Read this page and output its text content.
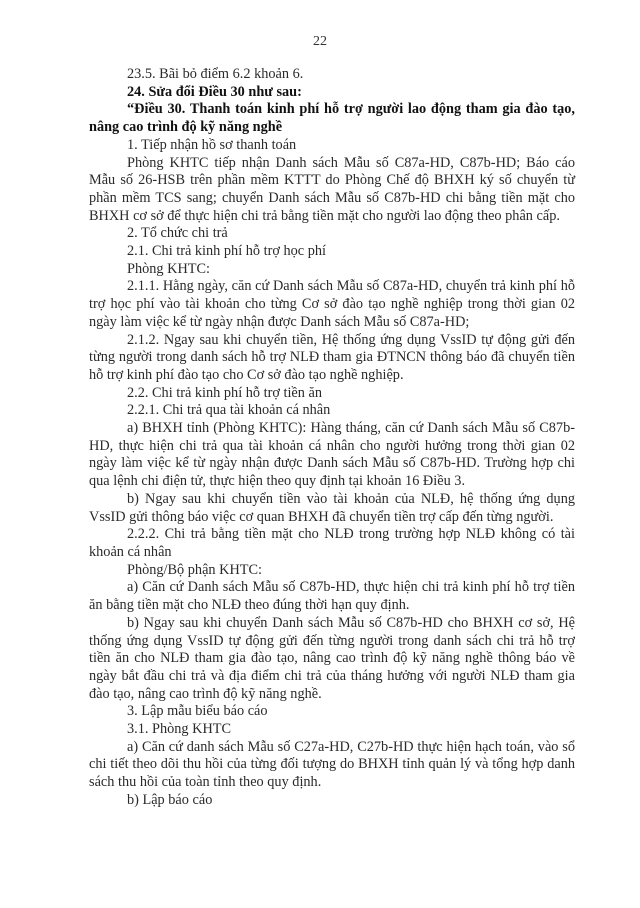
22

23.5. Bãi bỏ điểm 6.2 khoản 6.

24. Sửa đổi Điều 30 như sau:

“Điều 30. Thanh toán kinh phí hỗ trợ người lao động tham gia đào tạo, nâng cao trình độ kỹ năng nghề

1. Tiếp nhận hồ sơ thanh toán

Phòng KHTC tiếp nhận Danh sách Mẫu số C87a-HD, C87b-HD; Báo cáo Mẫu số 26-HSB trên phần mềm KTTT do Phòng Chế độ BHXH ký số chuyển từ phần mềm TCS sang; chuyển Danh sách Mẫu số C87b-HD chi bằng tiền mặt cho BHXH cơ sở để thực hiện chi trả bằng tiền mặt cho người lao động theo phân cấp.

2. Tổ chức chi trả

2.1. Chi trả kinh phí hỗ trợ học phí

Phòng KHTC:

2.1.1. Hằng ngày, căn cứ Danh sách Mẫu số C87a-HD, chuyển trả kinh phí hỗ trợ học phí vào tài khoản cho từng Cơ sở đào tạo nghề nghiệp trong thời gian 02 ngày làm việc kể từ ngày nhận được Danh sách Mẫu số C87a-HD;

2.1.2. Ngay sau khi chuyển tiền, Hệ thống ứng dụng VssID tự động gửi đến từng người trong danh sách hỗ trợ NLĐ tham gia ĐTNCN thông báo đã chuyển tiền hỗ trợ kinh phí đào tạo cho Cơ sở đào tạo nghề nghiệp.

2.2. Chi trả kinh phí hỗ trợ tiền ăn

2.2.1. Chi trả qua tài khoản cá nhân

a) BHXH tỉnh (Phòng KHTC): Hàng tháng, căn cứ Danh sách Mẫu số C87b-HD, thực hiện chi trả qua tài khoản cá nhân cho người hưởng trong thời gian 02 ngày làm việc kể từ ngày nhận được Danh sách Mẫu số C87b-HD. Trường hợp chi qua lệnh chi điện tử, thực hiện theo quy định tại khoản 16 Điều 3.

b) Ngay sau khi chuyển tiền vào tài khoản của NLĐ, hệ thống ứng dụng VssID gửi thông báo việc cơ quan BHXH đã chuyển tiền trợ cấp đến từng người.

2.2.2. Chi trả bằng tiền mặt cho NLĐ trong trường hợp NLĐ không có tài khoản cá nhân

Phòng/Bộ phận KHTC:

a) Căn cứ Danh sách Mẫu số C87b-HD, thực hiện chi trả kinh phí hỗ trợ tiền ăn bằng tiền mặt cho NLĐ theo đúng thời hạn quy định.

b) Ngay sau khi chuyển Danh sách Mẫu số C87b-HD cho BHXH cơ sở, Hệ thống ứng dụng VssID tự động gửi đến từng người trong danh sách chi trả hỗ trợ tiền ăn cho NLĐ tham gia đào tạo, nâng cao trình độ kỹ năng nghề thông báo về ngày bắt đầu chi trả và địa điểm chi trả của tháng hưởng với người NLĐ tham gia đào tạo, nâng cao trình độ kỹ năng nghề.

3. Lập mẫu biểu báo cáo

3.1. Phòng KHTC

a) Căn cứ danh sách Mẫu số C27a-HD, C27b-HD thực hiện hạch toán, vào sổ chi tiết theo dõi thu hồi của từng đối tượng do BHXH tỉnh quản lý và tổng hợp danh sách thu hồi của toàn tỉnh theo quy định.

b) Lập báo cáo
